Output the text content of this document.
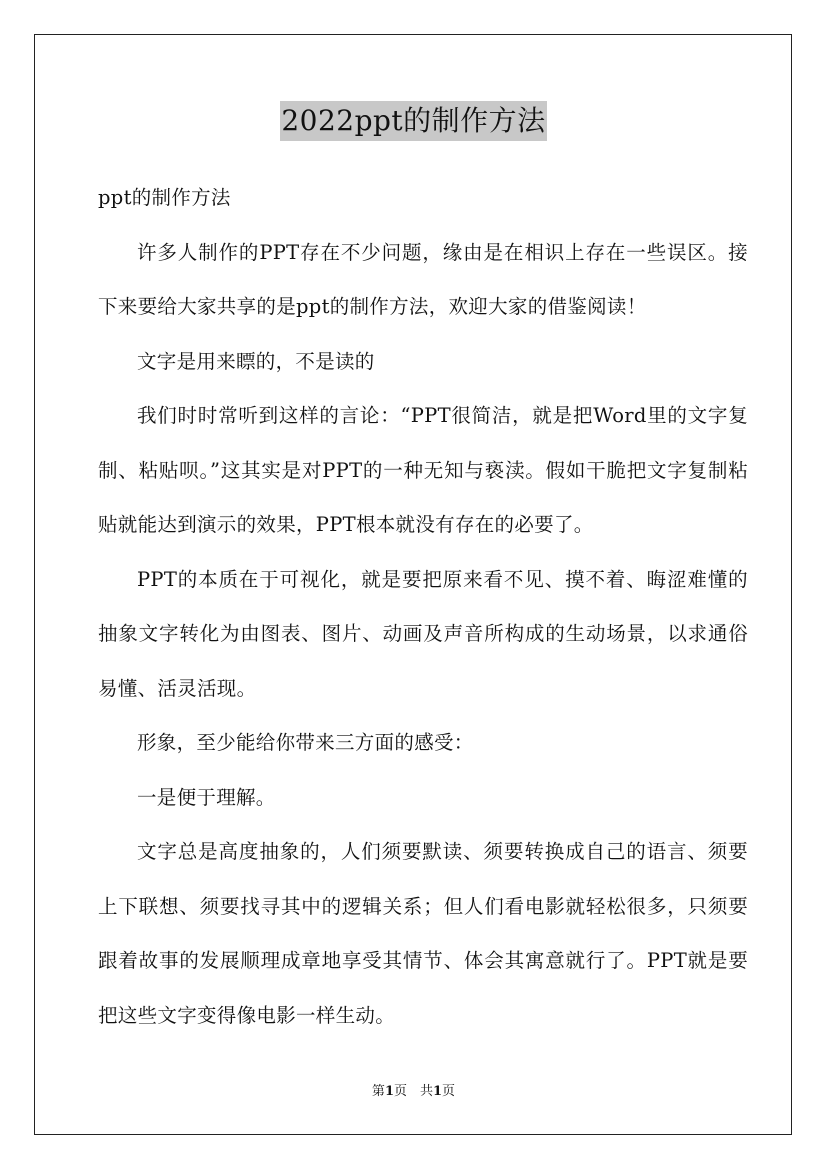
2022ppt的制作方法

ppt的制作方法

许多人制作的PPT存在不少问题，缘由是在相识上存在一些误区。接下来要给大家共享的是ppt的制作方法，欢迎大家的借鉴阅读！

文字是用来瞟的，不是读的

我们时时常听到这样的言论：“PPT很简洁，就是把Word里的文字复制、粘贴呗。”这其实是对PPT的一种无知与亵渎。假如干脆把文字复制粘贴就能达到演示的效果，PPT根本就没有存在的必要了。

PPT的本质在于可视化，就是要把原来看不见、摸不着、晦涩难懂的抽象文字转化为由图表、图片、动画及声音所构成的生动场景，以求通俗易懂、活灵活现。

形象，至少能给你带来三方面的感受：

一是便于理解。

文字总是高度抽象的，人们须要默读、须要转换成自己的语言、须要上下联想、须要找寻其中的逻辑关系；但人们看电影就轻松很多，只须要跟着故事的发展顺理成章地享受其情节、体会其寓意就行了。PPT就是要把这些文字变得像电影一样生动。

第1页　共1页
